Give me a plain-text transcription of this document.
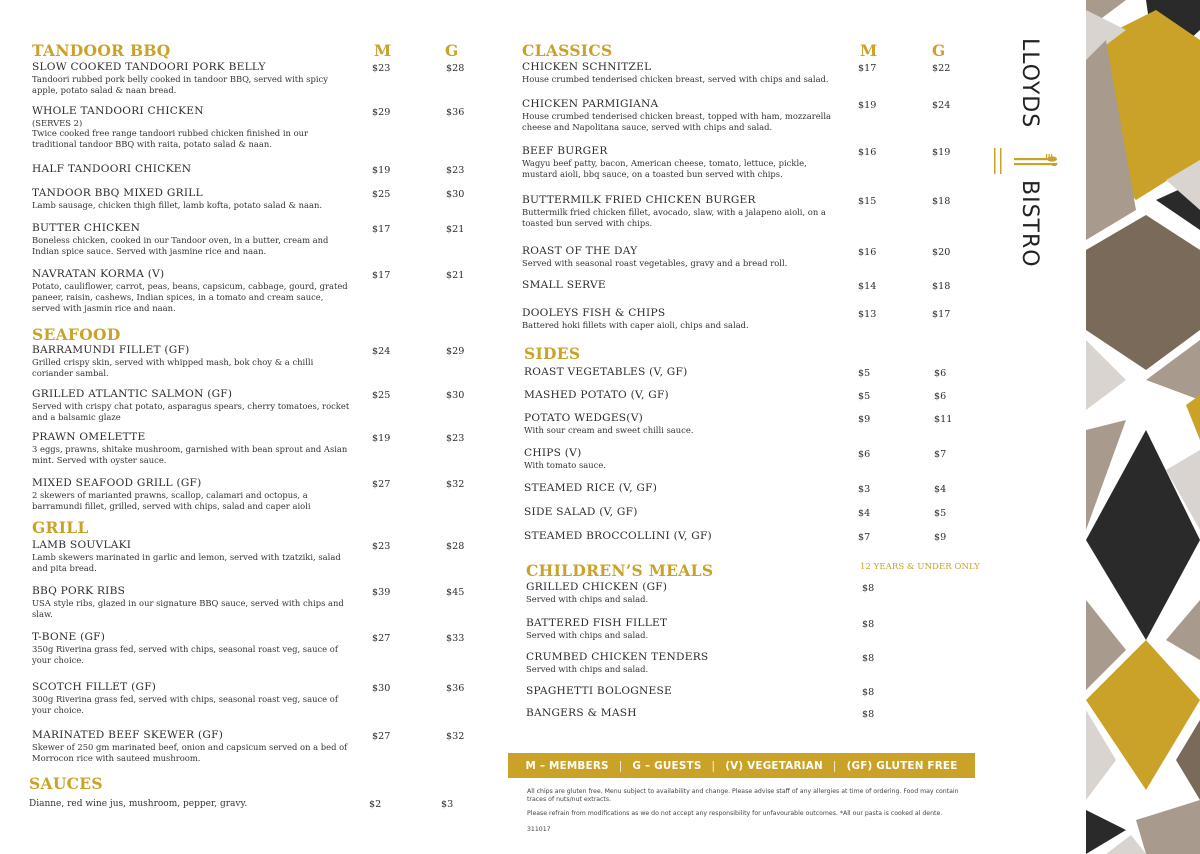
TANDOOR BBQ	M	G
SLOW COOKED TANDOORI PORK BELLY
Tandoori rubbed pork belly cooked in tandoor BBQ, served with spicy apple, potato salad & naan bread.
$23	$28
WHOLE TANDOORI CHICKEN
(SERVES 2)
Twice cooked free range tandoori rubbed chicken finished in our traditional tandoor BBQ with raita, potato salad & naan.
$29	$36
HALF TANDOORI CHICKEN	$19	$23
TANDOOR BBQ MIXED GRILL
Lamb sausage, chicken thigh fillet, lamb kofta, potato salad & naan.
$25	$30
BUTTER CHICKEN
Boneless chicken, cooked in our Tandoor oven, in a butter, cream and Indian spice sauce. Served with jasmine rice and naan.
$17	$21
NAVRATAN KORMA (V)
Potato, cauliflower, carrot, peas, beans, capsicum, cabbage, gourd, grated paneer, raisin, cashews, Indian spices, in a tomato and cream sauce, served with jasmin rice and naan.
$17	$21
SEAFOOD
BARRAMUNDI FILLET (GF)
Grilled crispy skin, served with whipped mash, bok choy & a chilli coriander sambal.
$24	$29
GRILLED ATLANTIC SALMON (GF)
Served with crispy chat potato, asparagus spears, cherry tomatoes, rocket and a balsamic glaze
$25	$30
PRAWN OMELETTE
3 eggs, prawns, shitake mushroom, garnished with bean sprout and Asian mint. Served with oyster sauce.
$19	$23
MIXED SEAFOOD GRILL (GF)
2 skewers of marianted prawns, scallop, calamari and octopus, a barramundi fillet, grilled, served with chips, salad and caper aioli
$27	$32
GRILL
LAMB SOUVLAKI
Lamb skewers marinated in garlic and lemon, served with tzatziki, salad and pita bread.
$23	$28
BBQ PORK RIBS
USA style ribs, glazed in our signature BBQ sauce, served with chips and slaw.
$39	$45
T-BONE (GF)
350g Riverina grass fed, served with chips, seasonal roast veg, sauce of your choice.
$27	$33
SCOTCH FILLET (GF)
300g Riverina grass fed, served with chips, seasonal roast veg, sauce of your choice.
$30	$36
MARINATED BEEF SKEWER (GF)
Skewer of 250 gm marinated beef, onion and capsicum served on a bed of Morrocon rice with sauteed mushroom.
$27	$32
SAUCES
Dianne, red wine jus, mushroom, pepper, gravy.	$2	$3
CLASSICS	M	G
CHICKEN SCHNITZEL
House crumbed tenderised chicken breast, served with chips and salad.
$17	$22
CHICKEN PARMIGIANA
House crumbed tenderised chicken breast, topped with ham, mozzarella cheese and Napolitana sauce, served with chips and salad.
$19	$24
BEEF BURGER
Wagyu beef patty, bacon, American cheese, tomato, lettuce, pickle, mustard aioli, bbq sauce, on a toasted bun served with chips.
$16	$19
BUTTERMILK FRIED CHICKEN BURGER
Buttermilk fried chicken fillet, avocado, slaw, with a jalapeno aioli, on a toasted bun served with chips.
$15	$18
ROAST OF THE DAY
Served with seasonal roast vegetables, gravy and a bread roll.
$16	$20
SMALL SERVE	$14	$18
DOOLEYS FISH & CHIPS
Battered hoki fillets with caper aioli, chips and salad.
$13	$17
SIDES
ROAST VEGETABLES (V, GF)	$5	$6
MASHED POTATO (V, GF)	$5	$6
POTATO WEDGES(V)
With sour cream and sweet chilli sauce.
$9	$11
CHIPS (V)
With tomato sauce.
$6	$7
STEAMED RICE (V, GF)	$3	$4
SIDE SALAD (V, GF)	$4	$5
STEAMED BROCCOLLINI (V, GF)	$7	$9
CHILDREN’S MEALS	12 YEARS & UNDER ONLY
GRILLED CHICKEN (GF)
Served with chips and salad.
$8
BATTERED FISH FILLET
Served with chips and salad.
$8
CRUMBED CHICKEN TENDERS
Served with chips and salad.
$8
SPAGHETTI BOLOGNESE	$8
BANGERS & MASH	$8
M – MEMBERS | G – GUESTS | (V) VEGETARIAN | (GF) GLUTEN FREE
All chips are gluten free. Menu subject to availability and change. Please advise staff of any allergies at time of ordering. Food may contain traces of nuts/nut extracts.
Please refrain from modifications as we do not accept any responsibility for unfavourable outcomes. *All our pasta is cooked al dente.
311017
LLOYDS
BISTRO
